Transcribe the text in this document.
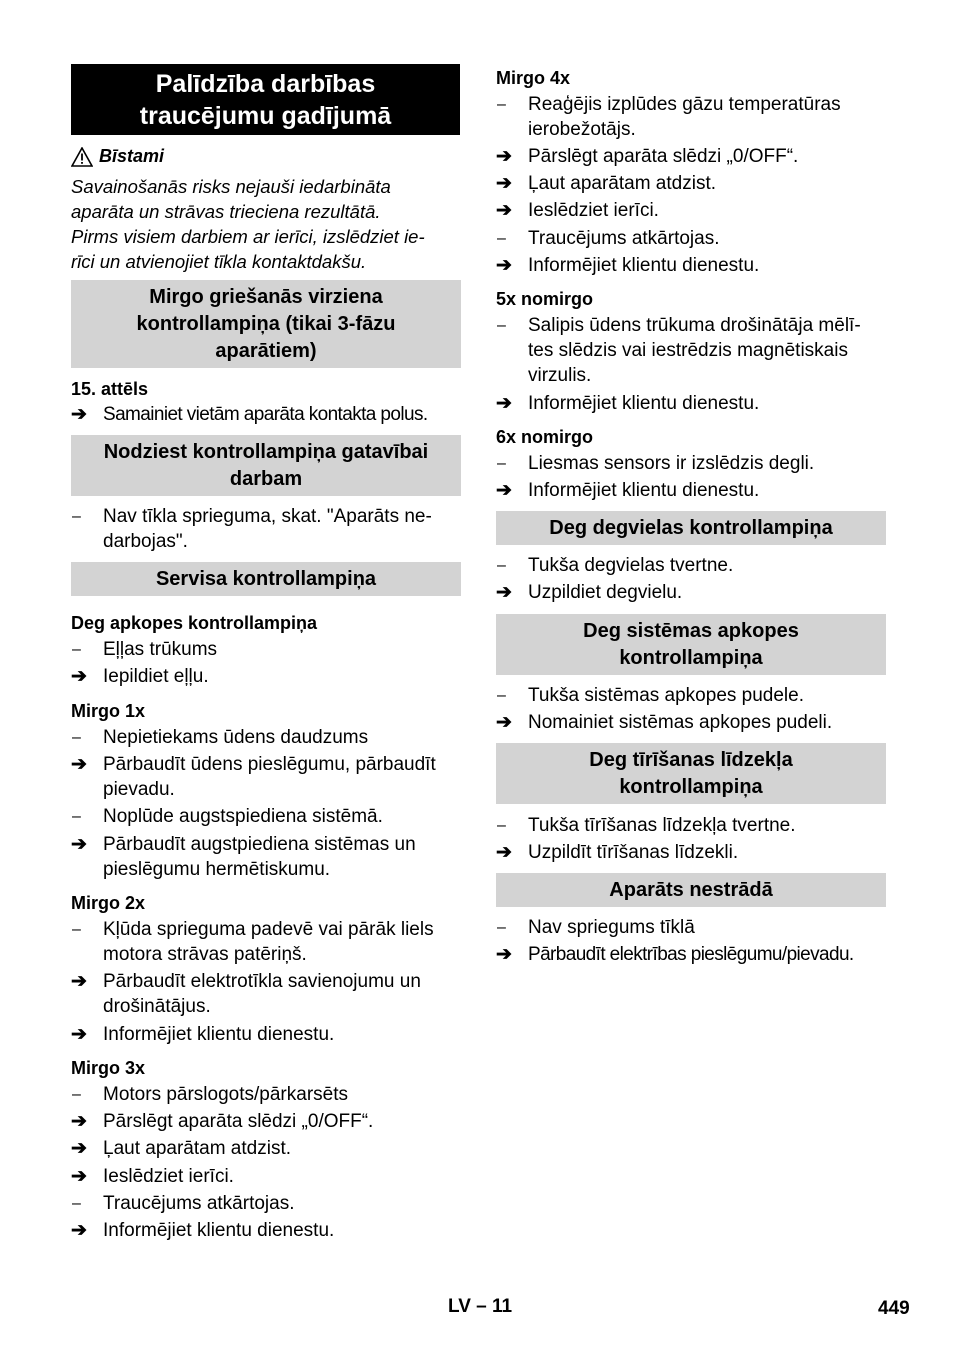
Palīdzība darbības
traucējumu gadījumā
Bīstami
Savainošanās risks nejauši iedarbināta
aparāta un strāvas trieciena rezultātā.
Pirms visiem darbiem ar ierīci, izslēdziet ie-
rīci un atvienojiet tīkla kontaktdakšu.
Mirgo griešanās virziena
kontrollampiņa (tikai 3-fāzu
aparātiem)
15. attēls
➔ Samainiet vietām aparāta kontakta polus.
Nodziest kontrollampiņa gatavībai
darbam
–	Nav tīkla sprieguma, skat. "Aparāts ne-
darbojas".
Servisa kontrollampiņa
Deg apkopes kontrollampiņa
–	Eļļas trūkums
➔ Iepildiet eļļu.
Mirgo 1x
–	Nepietiekams ūdens daudzums
➔ Pārbaudīt ūdens pieslēgumu, pārbaudīt
pievadu.
–	Noplūde augstspiediena sistēmā.
➔ Pārbaudīt augstpiediena sistēmas un
pieslēgumu hermētiskumu.
Mirgo 2x
–	Kļūda sprieguma padevē vai pārāk liels
motora strāvas patēriņš.
➔ Pārbaudīt elektrotīkla savienojumu un
drošinātājus.
➔ Informējiet klientu dienestu.
Mirgo 3x
–	Motors pārslogots/pārkarsēts
➔ Pārslēgt aparāta slēdzi „0/OFF“.
➔ Ļaut aparātam atdzist.
➔ Ieslēdziet ierīci.
–	Traucējums atkārtojas.
➔ Informējiet klientu dienestu.
Mirgo 4x
–	Reaģējis izplūdes gāzu temperatūras
ierobežotājs.
➔ Pārslēgt aparāta slēdzi „0/OFF“.
➔ Ļaut aparātam atdzist.
➔ Ieslēdziet ierīci.
–	Traucējums atkārtojas.
➔ Informējiet klientu dienestu.
5x nomirgo
–	Salipis ūdens trūkuma drošinātāja mēlī-
tes slēdzis vai iestrēdzis magnētiskais
virzulis.
➔ Informējiet klientu dienestu.
6x nomirgo
–	Liesmas sensors ir izslēdzis degli.
➔ Informējiet klientu dienestu.
Deg degvielas kontrollampiņa
–	Tukša degvielas tvertne.
➔ Uzpildiet degvielu.
Deg sistēmas apkopes
kontrollampiņa
–	Tukša sistēmas apkopes pudele.
➔ Nomainiet sistēmas apkopes pudeli.
Deg tīrīšanas līdzekļa
kontrollampiņa
–	Tukša tīrīšanas līdzekļa tvertne.
➔ Uzpildīt tīrīšanas līdzekli.
Aparāts nestrādā
–	Nav spriegums tīklā
➔ Pārbaudīt elektrības pieslēgumu/pievadu.
LV – 11	449
